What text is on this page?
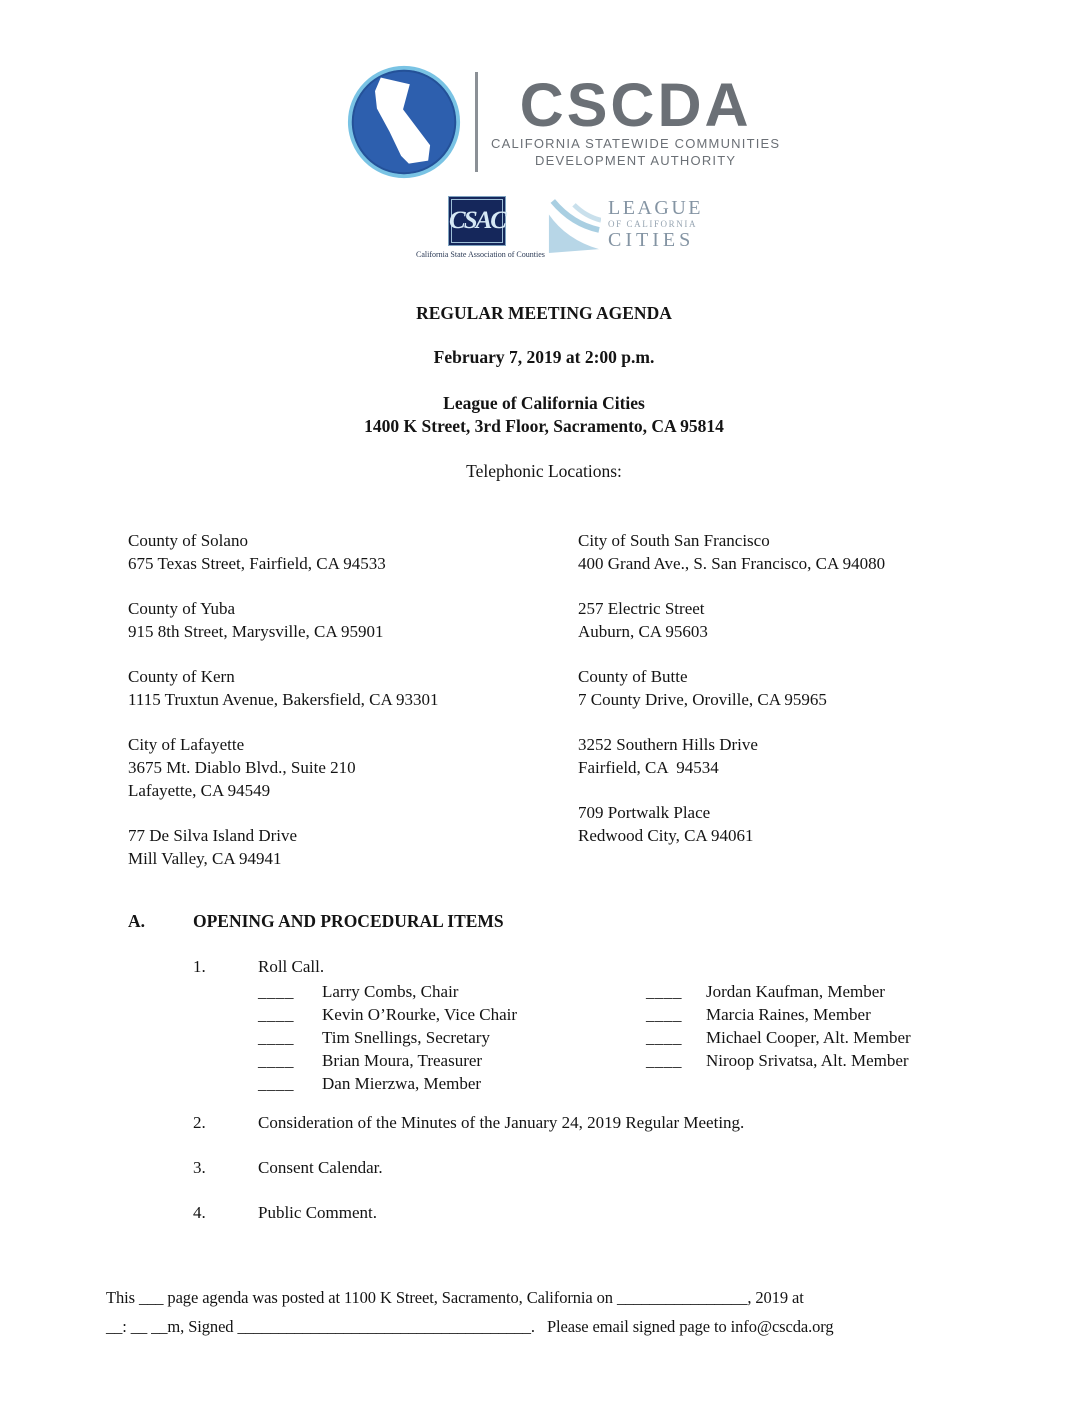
CSCDA
CALIFORNIA STATEWIDE COMMUNITIES
DEVELOPMENT AUTHORITY
CSAC
California State Association of Counties
LEAGUE
OF CALIFORNIA
CITIES
REGULAR MEETING AGENDA
February 7, 2019 at 2:00 p.m.
League of California Cities
1400 K Street, 3rd Floor, Sacramento, CA 95814
Telephonic Locations:
County of Solano
675 Texas Street, Fairfield, CA 94533
County of Yuba
915 8th Street, Marysville, CA 95901
County of Kern
1115 Truxtun Avenue, Bakersfield, CA 93301
City of Lafayette
3675 Mt. Diablo Blvd., Suite 210
Lafayette, CA 94549
77 De Silva Island Drive
Mill Valley, CA 94941
City of South San Francisco
400 Grand Ave., S. San Francisco, CA 94080
257 Electric Street
Auburn, CA 95603
County of Butte
7 County Drive, Oroville, CA 95965
3252 Southern Hills Drive
Fairfield, CA  94534
709 Portwalk Place
Redwood City, CA 94061
A.	OPENING AND PROCEDURAL ITEMS
1.	Roll Call.
____	Larry Combs, Chair	____	Jordan Kaufman, Member
____	Kevin O’Rourke, Vice Chair	____	Marcia Raines, Member
____	Tim Snellings, Secretary	____	Michael Cooper, Alt. Member
____	Brian Moura, Treasurer	____	Niroop Srivatsa, Alt. Member
____	Dan Mierzwa, Member
2.	Consideration of the Minutes of the January 24, 2019 Regular Meeting.
3.	Consent Calendar.
4.	Public Comment.
This ___ page agenda was posted at 1100 K Street, Sacramento, California on ________________, 2019 at
__: __ __m, Signed ____________________________________.   Please email signed page to info@cscda.org
